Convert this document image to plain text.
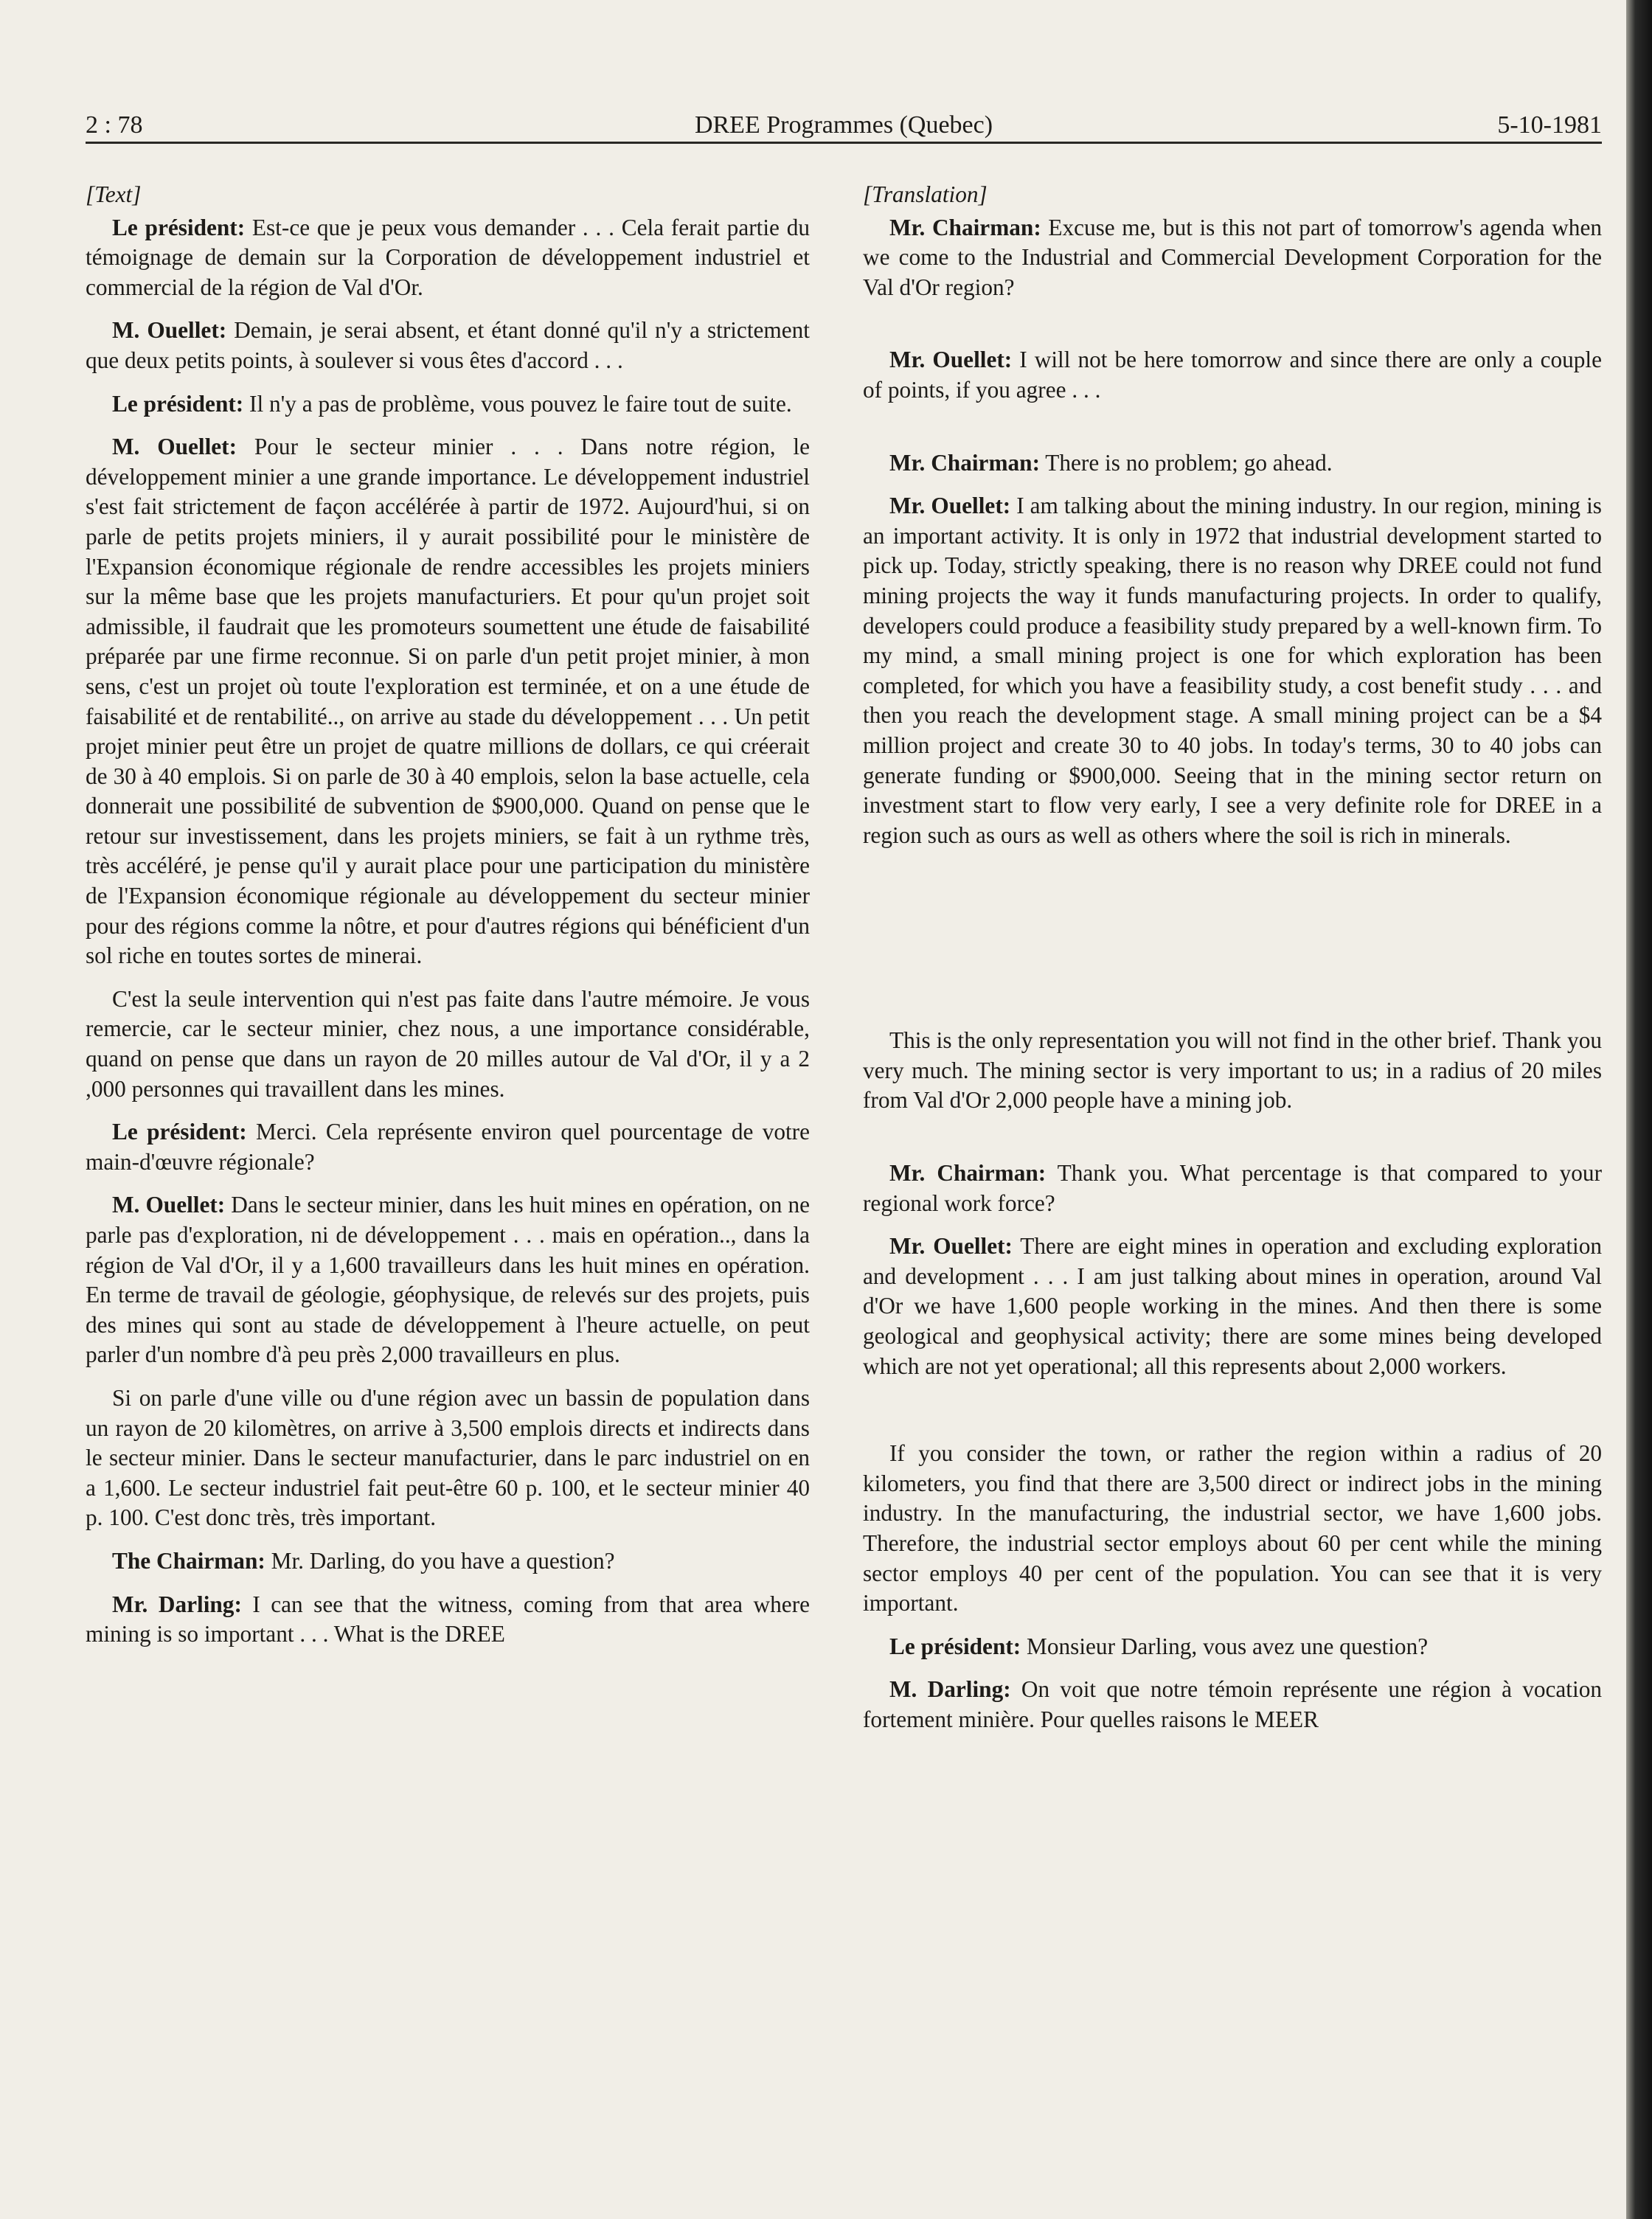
2 : 78	DREE Programmes (Quebec)	5-10-1981

[Text]

Le président: Est-ce que je peux vous demander . . . Cela ferait partie du témoignage de demain sur la Corporation de développement industriel et commercial de la région de Val d'Or.

M. Ouellet: Demain, je serai absent, et étant donné qu'il n'y a strictement que deux petits points, à soulever si vous êtes d'accord . . .

Le président: Il n'y a pas de problème, vous pouvez le faire tout de suite.

M. Ouellet: Pour le secteur minier . . . Dans notre région, le développement minier a une grande importance. Le développement industriel s'est fait strictement de façon accélérée à partir de 1972. Aujourd'hui, si on parle de petits projets miniers, il y aurait possibilité pour le ministère de l'Expansion économique régionale de rendre accessibles les projets miniers sur la même base que les projets manufacturiers. Et pour qu'un projet soit admissible, il faudrait que les promoteurs soumettent une étude de faisabilité préparée par une firme reconnue. Si on parle d'un petit projet minier, à mon sens, c'est un projet où toute l'exploration est terminée, et on a une étude de faisabilité et de rentabilité.., on arrive au stade du développement . . . Un petit projet minier peut être un projet de quatre millions de dollars, ce qui créerait de 30 à 40 emplois. Si on parle de 30 à 40 emplois, selon la base actuelle, cela donnerait une possibilité de subvention de $900,000. Quand on pense que le retour sur investissement, dans les projets miniers, se fait à un rythme très, très accéléré, je pense qu'il y aurait place pour une participation du ministère de l'Expansion économique régionale au développement du secteur minier pour des régions comme la nôtre, et pour d'autres régions qui bénéficient d'un sol riche en toutes sortes de minerai.

C'est la seule intervention qui n'est pas faite dans l'autre mémoire. Je vous remercie, car le secteur minier, chez nous, a une importance considérable, quand on pense que dans un rayon de 20 milles autour de Val d'Or, il y a 2 ,000 personnes qui travaillent dans les mines.

Le président: Merci. Cela représente environ quel pourcentage de votre main-d'œuvre régionale?

M. Ouellet: Dans le secteur minier, dans les huit mines en opération, on ne parle pas d'exploration, ni de développement . . . mais en opération.., dans la région de Val d'Or, il y a 1,600 travailleurs dans les huit mines en opération. En terme de travail de géologie, géophysique, de relevés sur des projets, puis des mines qui sont au stade de développement à l'heure actuelle, on peut parler d'un nombre d'à peu près 2,000 travailleurs en plus.

Si on parle d'une ville ou d'une région avec un bassin de population dans un rayon de 20 kilomètres, on arrive à 3,500 emplois directs et indirects dans le secteur minier. Dans le secteur manufacturier, dans le parc industriel on en a 1,600. Le secteur industriel fait peut-être 60 p. 100, et le secteur minier 40 p. 100. C'est donc très, très important.

The Chairman: Mr. Darling, do you have a question?

Mr. Darling: I can see that the witness, coming from that area where mining is so important . . . What is the DREE

[Translation]

Mr. Chairman: Excuse me, but is this not part of tomorrow's agenda when we come to the Industrial and Commercial Development Corporation for the Val d'Or region?

Mr. Ouellet: I will not be here tomorrow and since there are only a couple of points, if you agree . . .

Mr. Chairman: There is no problem; go ahead.

Mr. Ouellet: I am talking about the mining industry. In our region, mining is an important activity. It is only in 1972 that industrial development started to pick up. Today, strictly speaking, there is no reason why DREE could not fund mining projects the way it funds manufacturing projects. In order to qualify, developers could produce a feasibility study prepared by a well-known firm. To my mind, a small mining project is one for which exploration has been completed, for which you have a feasibility study, a cost benefit study . . . and then you reach the development stage. A small mining project can be a $4 million project and create 30 to 40 jobs. In today's terms, 30 to 40 jobs can generate funding or $900,000. Seeing that in the mining sector return on investment start to flow very early, I see a very definite role for DREE in a region such as ours as well as others where the soil is rich in minerals.

This is the only representation you will not find in the other brief. Thank you very much. The mining sector is very important to us; in a radius of 20 miles from Val d'Or 2,000 people have a mining job.

Mr. Chairman: Thank you. What percentage is that compared to your regional work force?

Mr. Ouellet: There are eight mines in operation and excluding exploration and development . . . I am just talking about mines in operation, around Val d'Or we have 1,600 people working in the mines. And then there is some geological and geophysical activity; there are some mines being developed which are not yet operational; all this represents about 2,000 workers.

If you consider the town, or rather the region within a radius of 20 kilometers, you find that there are 3,500 direct or indirect jobs in the mining industry. In the manufacturing, the industrial sector, we have 1,600 jobs. Therefore, the industrial sector employs about 60 per cent while the mining sector employs 40 per cent of the population. You can see that it is very important.

Le président: Monsieur Darling, vous avez une question?

M. Darling: On voit que notre témoin représente une région à vocation fortement minière. Pour quelles raisons le MEER
